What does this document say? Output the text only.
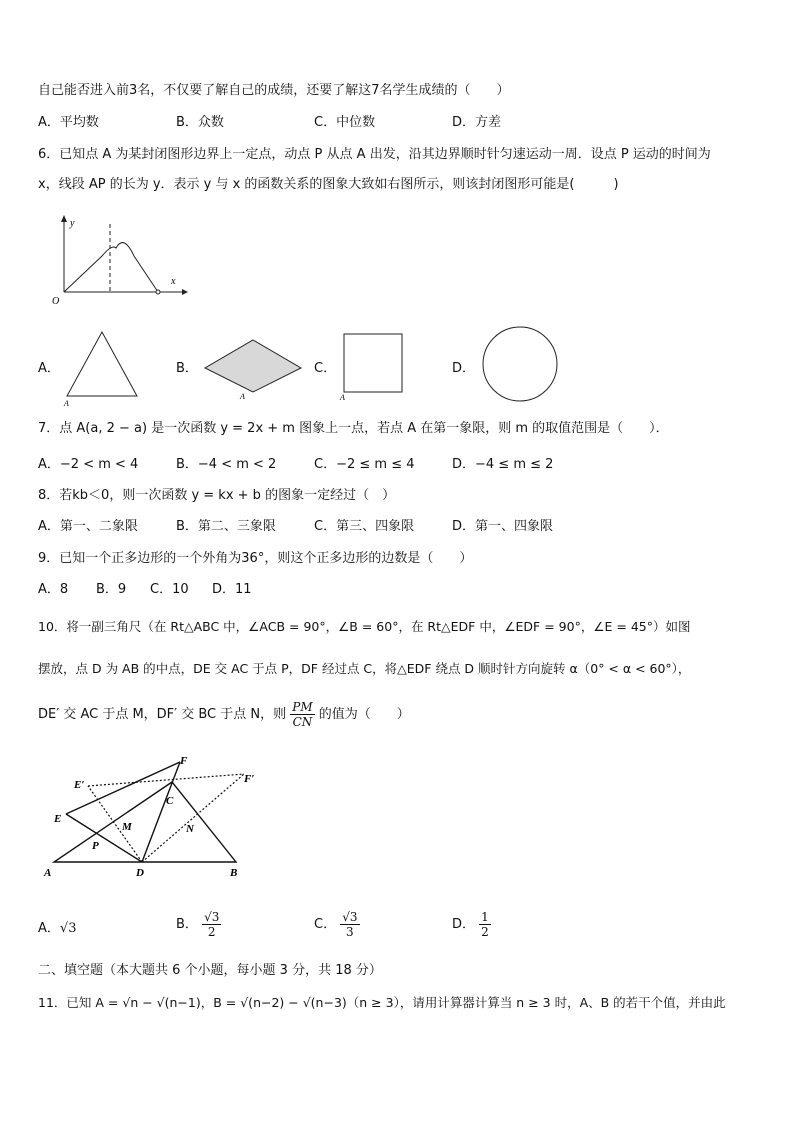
自己能否进入前3名，不仅要了解自己的成绩，还要了解这7名学生成绩的（　　）
A．平均数	B．众数	C．中位数	D．方差
6．已知点 A 为某封闭图形边界上一定点，动点 P 从点 A 出发，沿其边界顺时针匀速运动一周．设点 P 运动的时间为
x，线段 AP 的长为 y．表示 y 与 x 的函数关系的图象大致如右图所示，则该封闭图形可能是(　　　)
y
x
O
A．
A
B．
A
C．
A
D．
7．点 A(a, 2 − a) 是一次函数 y = 2x + m 图象上一点，若点 A 在第一象限，则 m 的取值范围是（　　）．
A．−2 < m < 4	B．−4 < m < 2	C．−2 ≤ m ≤ 4	D．−4 ≤ m ≤ 2
8．若kb＜0，则一次函数 y = kx + b 的图象一定经过（　）
A．第一、二象限	B．第二、三象限	C．第三、四象限	D．第一、四象限
9．已知一个正多边形的一个外角为36°，则这个正多边形的边数是（　　）
A．8 B．9 C．10 D．11
10．将一副三角尺（在 Rt△ABC 中，∠ACB = 90°，∠B = 60°，在 Rt△EDF 中，∠EDF = 90°，∠E = 45°）如图
摆放，点 D 为 AB 的中点，DE 交 AC 于点 P，DF 经过点 C，将△EDF 绕点 D 顺时针方向旋转 α（0° < α < 60°），
DE′ 交 AC 于点 M，DF′ 交 BC 于点 N，则 $\frac{PM}{CN}$ 的值为（　　）
E′
F
F′
C
E
M	N
P
A	D	B
A．√3	B． $\frac{√3}{2}$	C． $\frac{√3}{3}$	D． $\frac{1}{2}$
二、填空题（本大题共 6 个小题，每小题 3 分，共 18 分）
11．已知 A = √n − √(n−1)，B = √(n−2) − √(n−3)（n ≥ 3），请用计算器计算当 n ≥ 3 时，A、B 的若干个值，并由此
